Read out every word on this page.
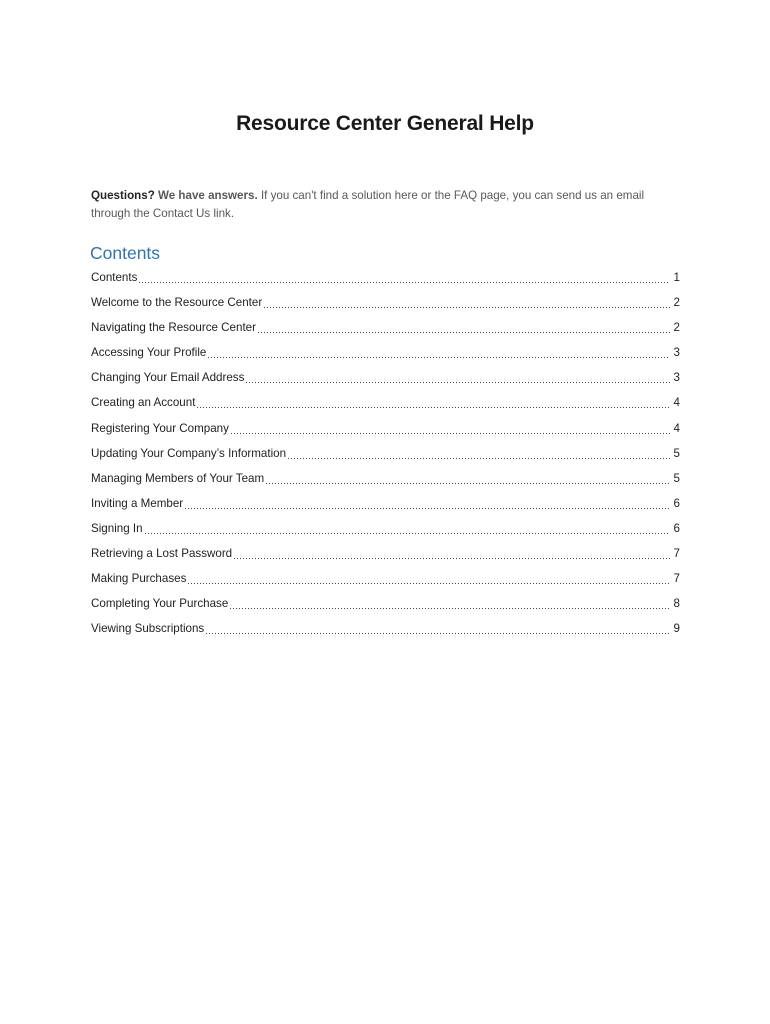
Resource Center General Help

Questions? We have answers. If you can't find a solution here or the FAQ page, you can send us an email through the Contact Us link.

Contents
Contents	1
Welcome to the Resource Center	2
Navigating the Resource Center	2
Accessing Your Profile	3
Changing Your Email Address	3
Creating an Account	4
Registering Your Company	4
Updating Your Company’s Information	5
Managing Members of Your Team	5
Inviting a Member	6
Signing In	6
Retrieving a Lost Password	7
Making Purchases	7
Completing Your Purchase	8
Viewing Subscriptions	9
